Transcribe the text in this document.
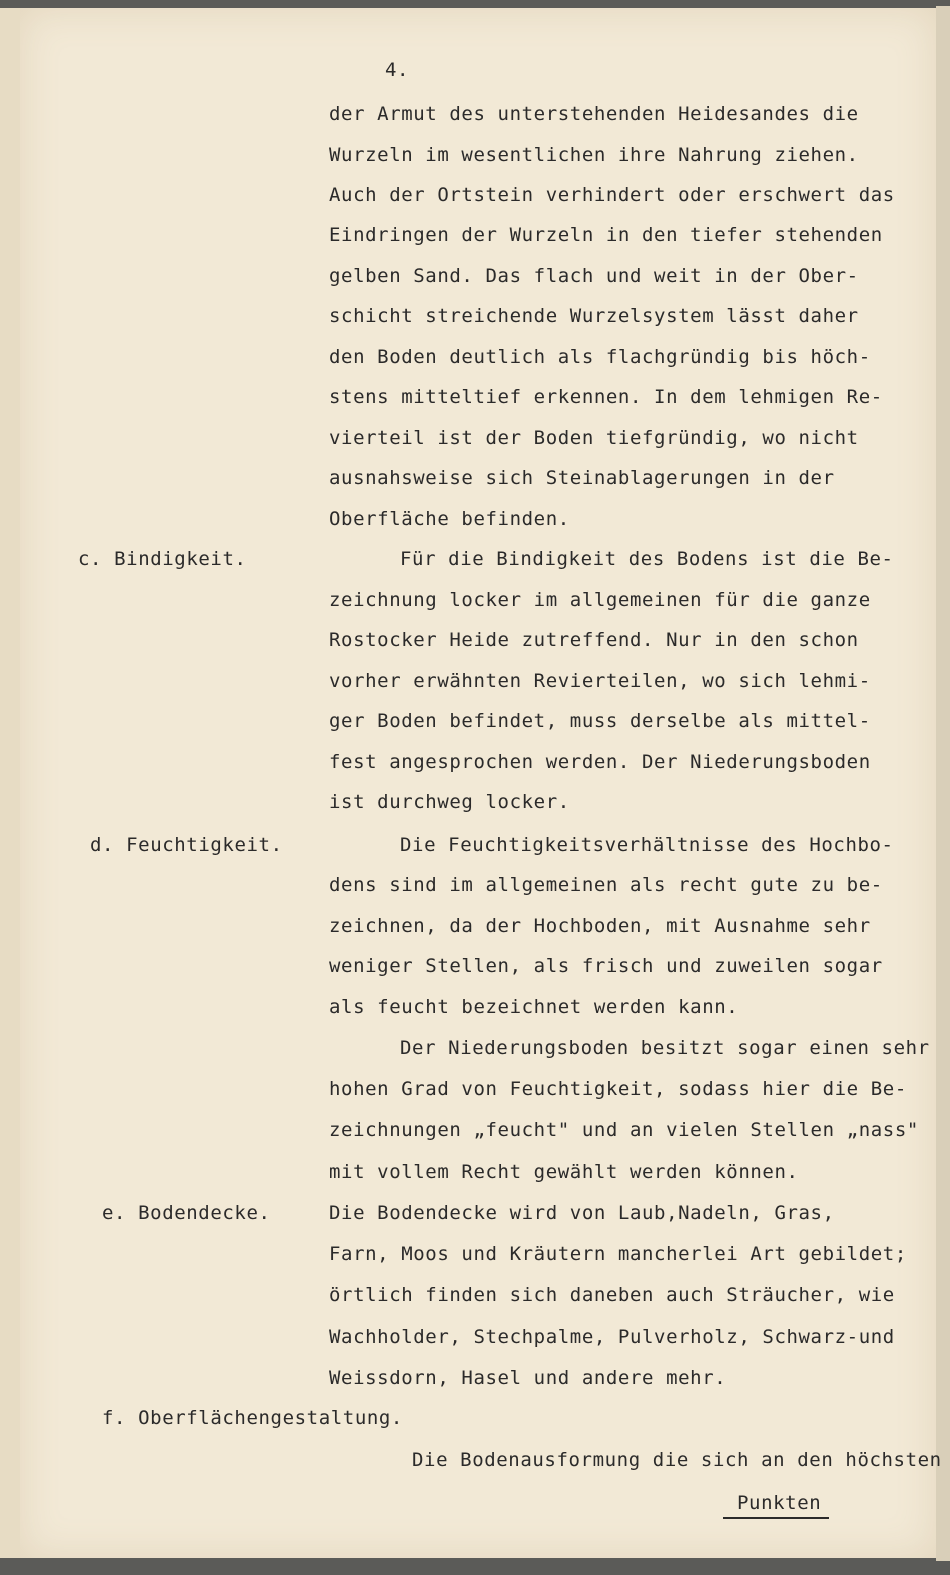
4.
der Armut des unterstehenden Heidesandes die
Wurzeln im wesentlichen ihre Nahrung ziehen.
Auch der Ortstein verhindert oder erschwert das
Eindringen der Wurzeln in den tiefer stehenden
gelben Sand. Das flach und weit in der Ober-
schicht streichende Wurzelsystem lässt daher
den Boden deutlich als flachgründig bis höch-
stens mitteltief erkennen. In dem lehmigen Re-
vierteil ist der Boden tiefgründig, wo nicht
ausnahsweise sich Steinablagerungen in der
Oberfläche befinden.
c. Bindigkeit.	Für die Bindigkeit des Bodens ist die Be-
zeichnung locker im allgemeinen für die ganze
Rostocker Heide zutreffend. Nur in den schon
vorher erwähnten Revierteilen, wo sich lehmi-
ger Boden befindet, muss derselbe als mittel-
fest angesprochen werden. Der Niederungsboden
ist durchweg locker.
d. Feuchtigkeit.	Die Feuchtigkeitsverhältnisse des Hochbo-
dens sind im allgemeinen als recht gute zu be-
zeichnen, da der Hochboden, mit Ausnahme sehr
weniger Stellen, als frisch und zuweilen sogar
als feucht bezeichnet werden kann.
Der Niederungsboden besitzt sogar einen sehr
hohen Grad von Feuchtigkeit, sodass hier die Be-
zeichnungen „feucht" und an vielen Stellen „nass"
mit vollem Recht gewählt werden können.
e. Bodendecke.	Die Bodendecke wird von Laub,Nadeln, Gras,
Farn, Moos und Kräutern mancherlei Art gebildet;
örtlich finden sich daneben auch Sträucher, wie
Wachholder, Stechpalme, Pulverholz, Schwarz-und
Weissdorn, Hasel und andere mehr.
f. Oberflächengestaltung.
Die Bodenausformung die sich an den höchsten
Punkten
